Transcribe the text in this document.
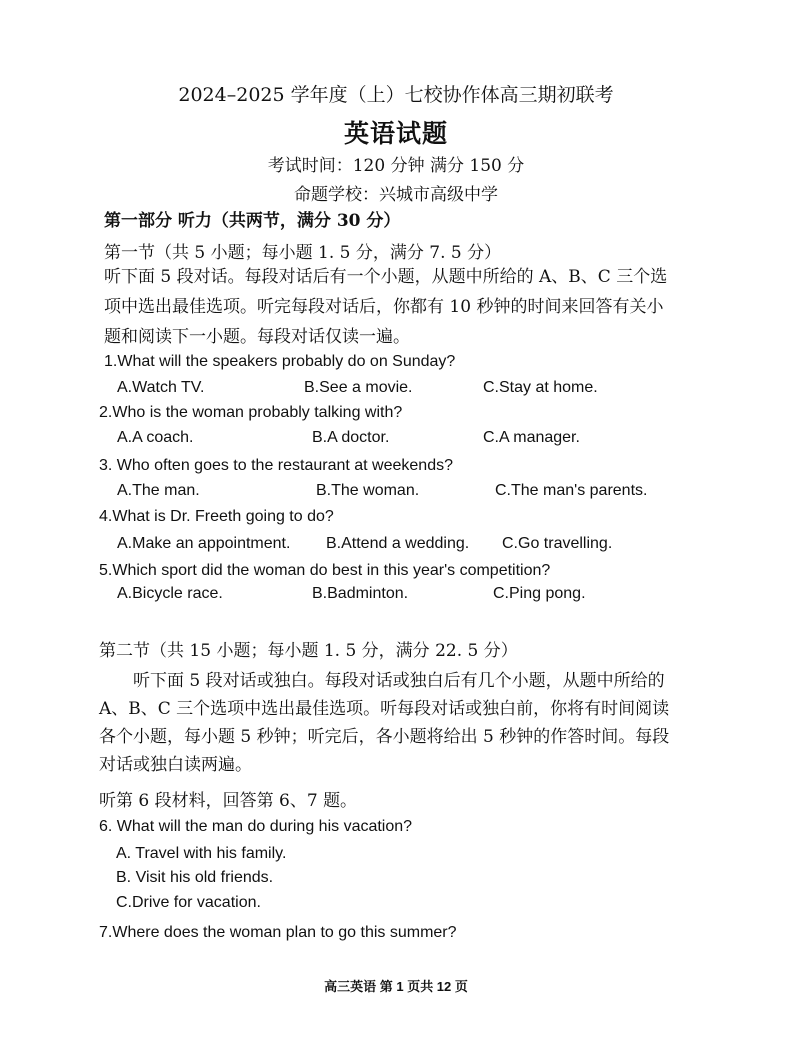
2024–2025 学年度（上）七校协作体高三期初联考
英语试题
考试时间：120 分钟 满分 150 分
命题学校：兴城市高级中学
第一部分 听力（共两节，满分 30 分）
第一节（共 5 小题；每小题 1. 5 分，满分 7. 5 分）
听下面 5 段对话。每段对话后有一个小题，从题中所给的 A、B、C 三个选
项中选出最佳选项。听完每段对话后，你都有 10 秒钟的时间来回答有关小
题和阅读下一小题。每段对话仅读一遍。
1.What will the speakers probably do on Sunday?
A.Watch TV.	B.See a movie.	C.Stay at home.
2.Who is the woman probably talking with?
A.A coach.	B.A doctor.	C.A manager.
3. Who often goes to the restaurant at weekends?
A.The man.	B.The woman.	C.The man's parents.
4.What is Dr. Freeth going to do?
A.Make an appointment. B.Attend a wedding. C.Go travelling.
5.Which sport did the woman do best in this year's competition?
A.Bicycle race.	B.Badminton.	C.Ping pong.
第二节（共 15 小题；每小题 1. 5 分，满分 22. 5 分）
听下面 5 段对话或独白。每段对话或独白后有几个小题，从题中所给的
A、B、C 三个选项中选出最佳选项。听每段对话或独白前，你将有时间阅读
各个小题，每小题 5 秒钟；听完后，各小题将给出 5 秒钟的作答时间。每段
对话或独白读两遍。
听第 6 段材料，回答第 6、7 题。
6. What will the man do during his vacation?
A. Travel with his family.
B. Visit his old friends.
C.Drive for vacation.
7.Where does the woman plan to go this summer?
高三英语 第 1 页共 12 页
